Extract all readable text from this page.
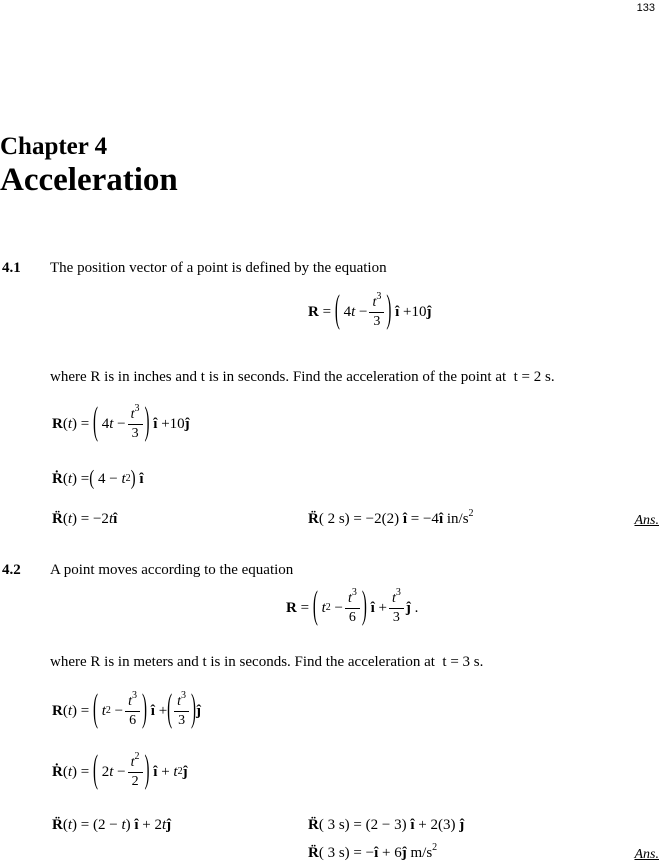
133
Chapter 4
Acceleration
4.1 The position vector of a point is defined by the equation
R = ( 4 $t - \frac{t^3}{3}$ )
î +10 ĵ
where R is in inches and t is in seconds. Find the acceleration of the point at t = 2 s.
R ( t ) = ( 4 $t - \frac{t^3}{3}$ )
î +10 ĵ
Ṙ ( t ) = ( $4 - t^2$ )
î
R̈(t) = −2tî	R̈( 2 s) = −2(2) î = −4î $in/s^2$	Ans.
4.2 A point moves according to the equation
R = (
$t^2 - \frac{t^3}{6}$ )
î + $\frac{t^3}{3}$ ĵ .
where R is in meters and t is in seconds. Find the acceleration at t = 3 s.
R ( t ) = (
$t^2 - \frac{t^3}{6}$ )
î + ( $\frac{t^3}{3}$ ) ĵ
Ṙ ( t ) = ( 2 $t - \frac{t^2}{2}$ )
î + $t^2$ ĵ
R̈(t) = (2 − t) î + 2tĵ	R̈( 3 s) = (2 − 3) î + 2(3) ĵ
R̈( 3 s) = −î + 6ĵ $m/s^2$	Ans.
